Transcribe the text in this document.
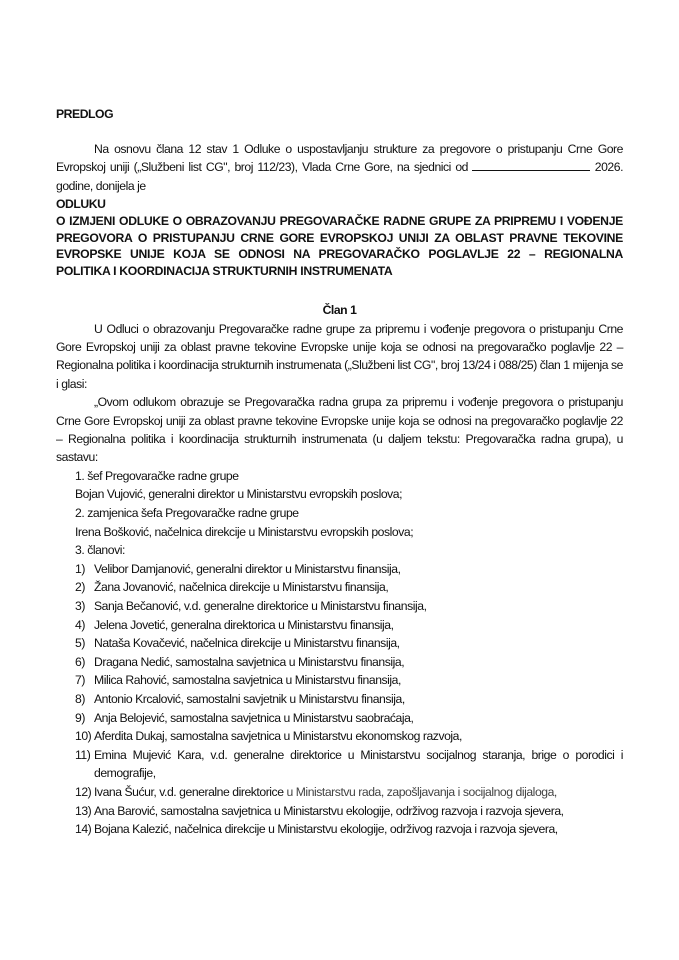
PREDLOG

Na osnovu člana 12 stav 1 Odluke o uspostavljanju strukture za pregovore o pristupanju Crne Gore Evropskoj uniji („Službeni list CG", broj 112/23), Vlada Crne Gore, na sjednici od	2026. godine, donijela je

ODLUKU
O IZMJENI ODLUKE O OBRAZOVANJU PREGOVARAČKE RADNE GRUPE ZA PRIPREMU I VOĐENJE PREGOVORA O PRISTUPANJU CRNE GORE EVROPSKOJ UNIJI ZA OBLAST PRAVNE TEKOVINE EVROPSKE UNIJE KOJA SE ODNOSI NA PREGOVARAČKO POGLAVLJE 22 – REGIONALNA POLITIKA I KOORDINACIJA STRUKTURNIH INSTRUMENATA
Član 1

U Odluci o obrazovanju Pregovaračke radne grupe za pripremu i vođenje pregovora o pristupanju Crne Gore Evropskoj uniji za oblast pravne tekovine Evropske unije koja se odnosi na pregovaračko poglavlje 22 – Regionalna politika i koordinacija strukturnih instrumenata („Službeni list CG", broj 13/24 i 088/25) član 1 mijenja se i glasi:

„Ovom odlukom obrazuje se Pregovaračka radna grupa za pripremu i vođenje pregovora o pristupanju Crne Gore Evropskoj uniji za oblast pravne tekovine Evropske unije koja se odnosi na pregovaračko poglavlje 22 – Regionalna politika i koordinacija strukturnih instrumenata (u daljem tekstu: Pregovaračka radna grupa), u sastavu:

1. šef Pregovaračke radne grupe
Bojan Vujović, generalni direktor u Ministarstvu evropskih poslova;
2. zamjenica šefa Pregovaračke radne grupe
Irena Bošković, načelnica direkcije u Ministarstvu evropskih poslova;
3. članovi:
1) Velibor Damjanović, generalni direktor u Ministarstvu finansija,
2) Žana Jovanović, načelnica direkcije u Ministarstvu finansija,
3) Sanja Bečanović, v.d. generalne direktorice u Ministarstvu finansija,
4) Jelena Jovetić, generalna direktorica u Ministarstvu finansija,
5) Nataša Kovačević, načelnica direkcije u Ministarstvu finansija,
6) Dragana Nedić, samostalna savjetnica u Ministarstvu finansija,
7) Milica Rahović, samostalna savjetnica u Ministarstvu finansija,
8) Antonio Krcalović, samostalni savjetnik u Ministarstvu finansija,
9) Anja Belojević, samostalna savjetnica u Ministarstvu saobraćaja,
10) Aferdita Dukaj, samostalna savjetnica u Ministarstvu ekonomskog razvoja,
11) Emina Mujević Kara, v.d. generalne direktorice u Ministarstvu socijalnog staranja, brige o porodici i demografije,
12) Ivana Šućur, v.d. generalne direktorice u Ministarstvu rada, zapošljavanja i socijalnog dijaloga,
13) Ana Barović, samostalna savjetnica u Ministarstvu ekologije, održivog razvoja i razvoja sjevera,
14) Bojana Kalezić, načelnica direkcije u Ministarstvu ekologije, održivog razvoja i razvoja sjevera,
